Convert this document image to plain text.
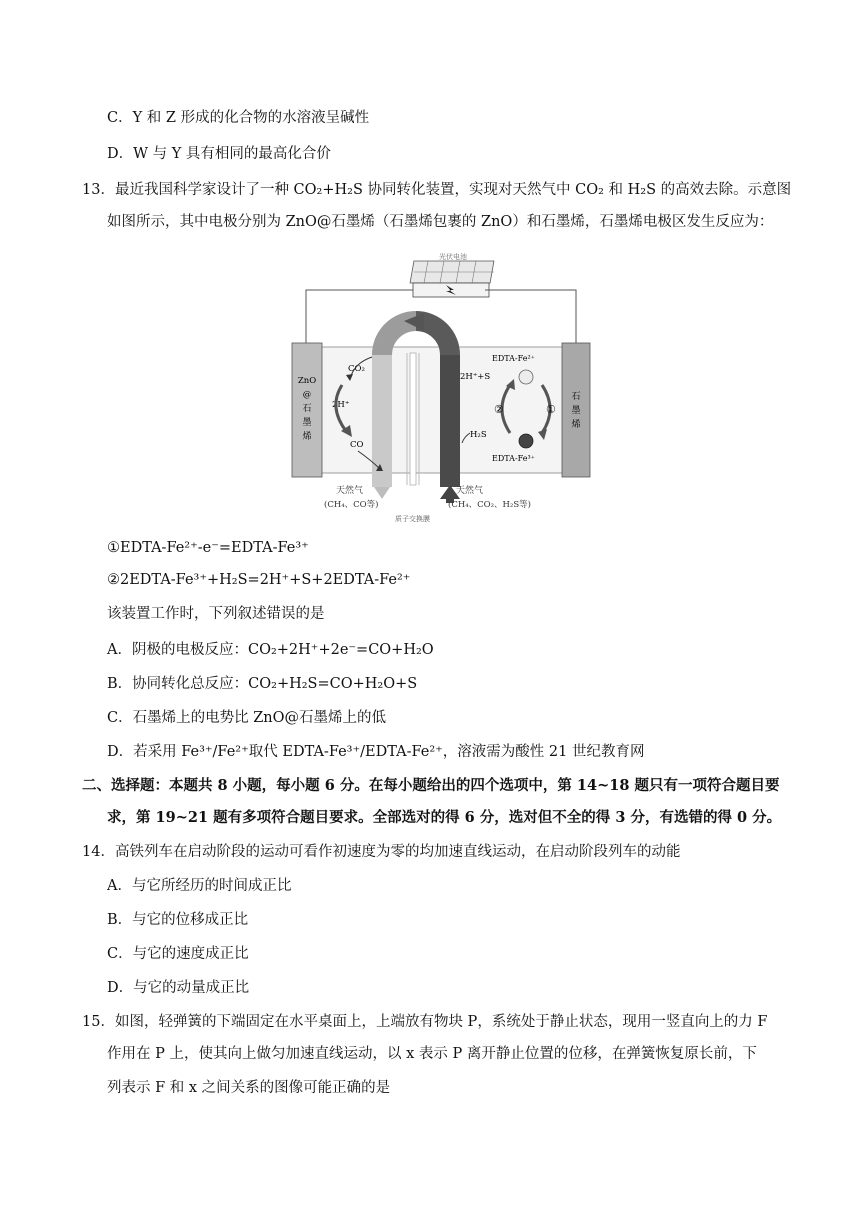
C．Y 和 Z 形成的化合物的水溶液呈碱性
D．W 与 Y 具有相同的最高化合价
13．最近我国科学家设计了一种 CO₂+H₂S 协同转化装置，实现对天然气中 CO₂ 和 H₂S 的高效去除。示意图
如图所示，其中电极分别为 ZnO@石墨烯（石墨烯包裹的 ZnO）和石墨烯，石墨烯电极区发生反应为：
光伏电池
ZnO
@
石
墨
烯
石
墨
烯
CO₂
2H⁺
CO
EDTA-Fe²⁺
2H⁺+S
②	①
EDTA-Fe³⁺
H₂S
天然气
(CH₄、CO等)
天然气
(CH₄、CO₂、H₂S等)
质子交换膜
①EDTA-Fe²⁺-e⁻=EDTA-Fe³⁺
②2EDTA-Fe³⁺+H₂S=2H⁺+S+2EDTA-Fe²⁺
该装置工作时，下列叙述错误的是
A．阴极的电极反应：CO₂+2H⁺+2e⁻=CO+H₂O
B．协同转化总反应：CO₂+H₂S=CO+H₂O+S
C．石墨烯上的电势比 ZnO@石墨烯上的低
D．若采用 Fe³⁺/Fe²⁺取代 EDTA-Fe³⁺/EDTA-Fe²⁺，溶液需为酸性 21 世纪教育网
二、选择题：本题共 8 小题，每小题 6 分。在每小题给出的四个选项中，第 14~18 题只有一项符合题目要
求，第 19~21 题有多项符合题目要求。全部选对的得 6 分，选对但不全的得 3 分，有选错的得 0 分。
14．高铁列车在启动阶段的运动可看作初速度为零的均加速直线运动，在启动阶段列车的动能
A．与它所经历的时间成正比
B．与它的位移成正比
C．与它的速度成正比
D．与它的动量成正比
15．如图，轻弹簧的下端固定在水平桌面上，上端放有物块 P，系统处于静止状态，现用一竖直向上的力 F
作用在 P 上，使其向上做匀加速直线运动，以 x 表示 P 离开静止位置的位移，在弹簧恢复原长前，下
列表示 F 和 x 之间关系的图像可能正确的是
